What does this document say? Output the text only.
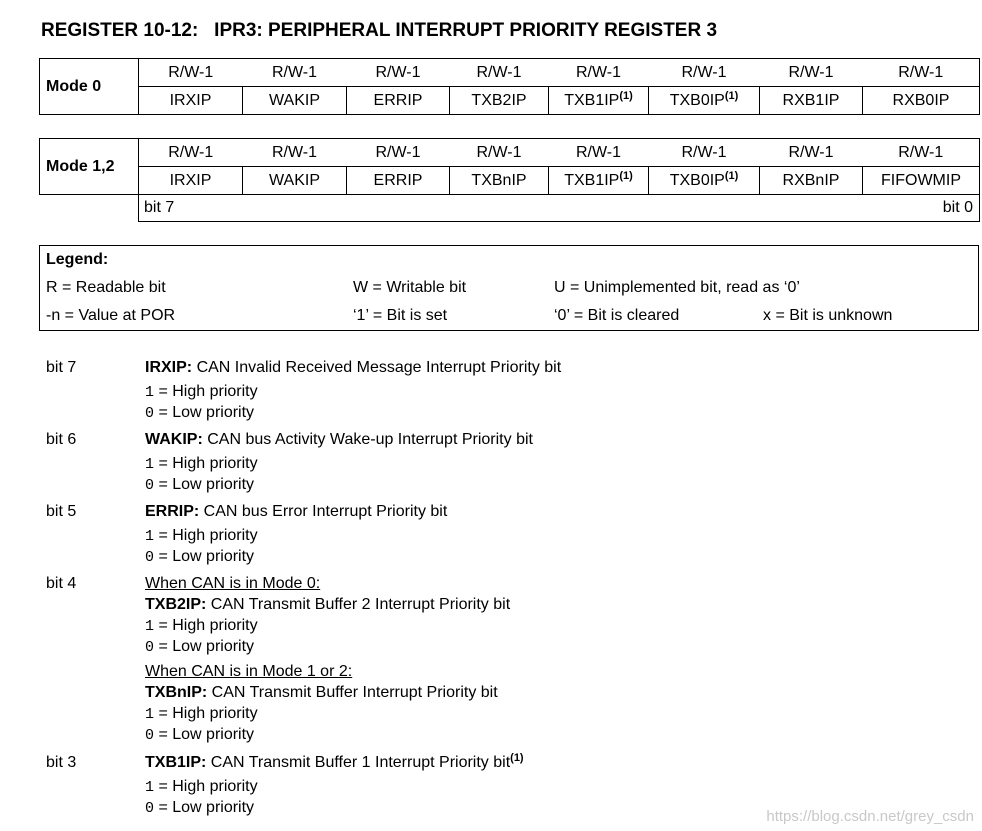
REGISTER 10-12:   IPR3: PERIPHERAL INTERRUPT PRIORITY REGISTER 3
Mode 0	R/W-1	R/W-1	R/W-1	R/W-1	R/W-1	R/W-1	R/W-1	R/W-1
	IRXIP	WAKIP	ERRIP	TXB2IP	TXB1IP$^{(1)}$	TXB0IP$^{(1)}$	RXB1IP	RXB0IP
Mode 1,2	R/W-1	R/W-1	R/W-1	R/W-1	R/W-1	R/W-1	R/W-1	R/W-1
	IRXIP	WAKIP	ERRIP	TXBnIP	TXB1IP$^{(1)}$	TXB0IP$^{(1)}$	RXBnIP	FIFOWMIP

	bit 7 bit 0							
Legend:
R = Readable bit	W = Writable bit	U = Unimplemented bit, read as ‘0’
-n = Value at POR	‘1’ = Bit is set	‘0’ = Bit is cleared	x = Bit is unknown
bit 7	IRXIP: CAN Invalid Received Message Interrupt Priority bit
1 = High priority
0 = Low priority
bit 6	WAKIP: CAN bus Activity Wake-up Interrupt Priority bit
1 = High priority
0 = Low priority
bit 5	ERRIP: CAN bus Error Interrupt Priority bit
1 = High priority
0 = Low priority
bit 4	When CAN is in Mode 0:
TXB2IP: CAN Transmit Buffer 2 Interrupt Priority bit
1 = High priority
0 = Low priority
When CAN is in Mode 1 or 2:
TXBnIP: CAN Transmit Buffer Interrupt Priority bit
1 = High priority
0 = Low priority
bit 3	TXB1IP: CAN Transmit Buffer 1 Interrupt Priority bit$^{(1)}$
1 = High priority
0 = Low priority
https://blog.csdn.net/grey_csdn
